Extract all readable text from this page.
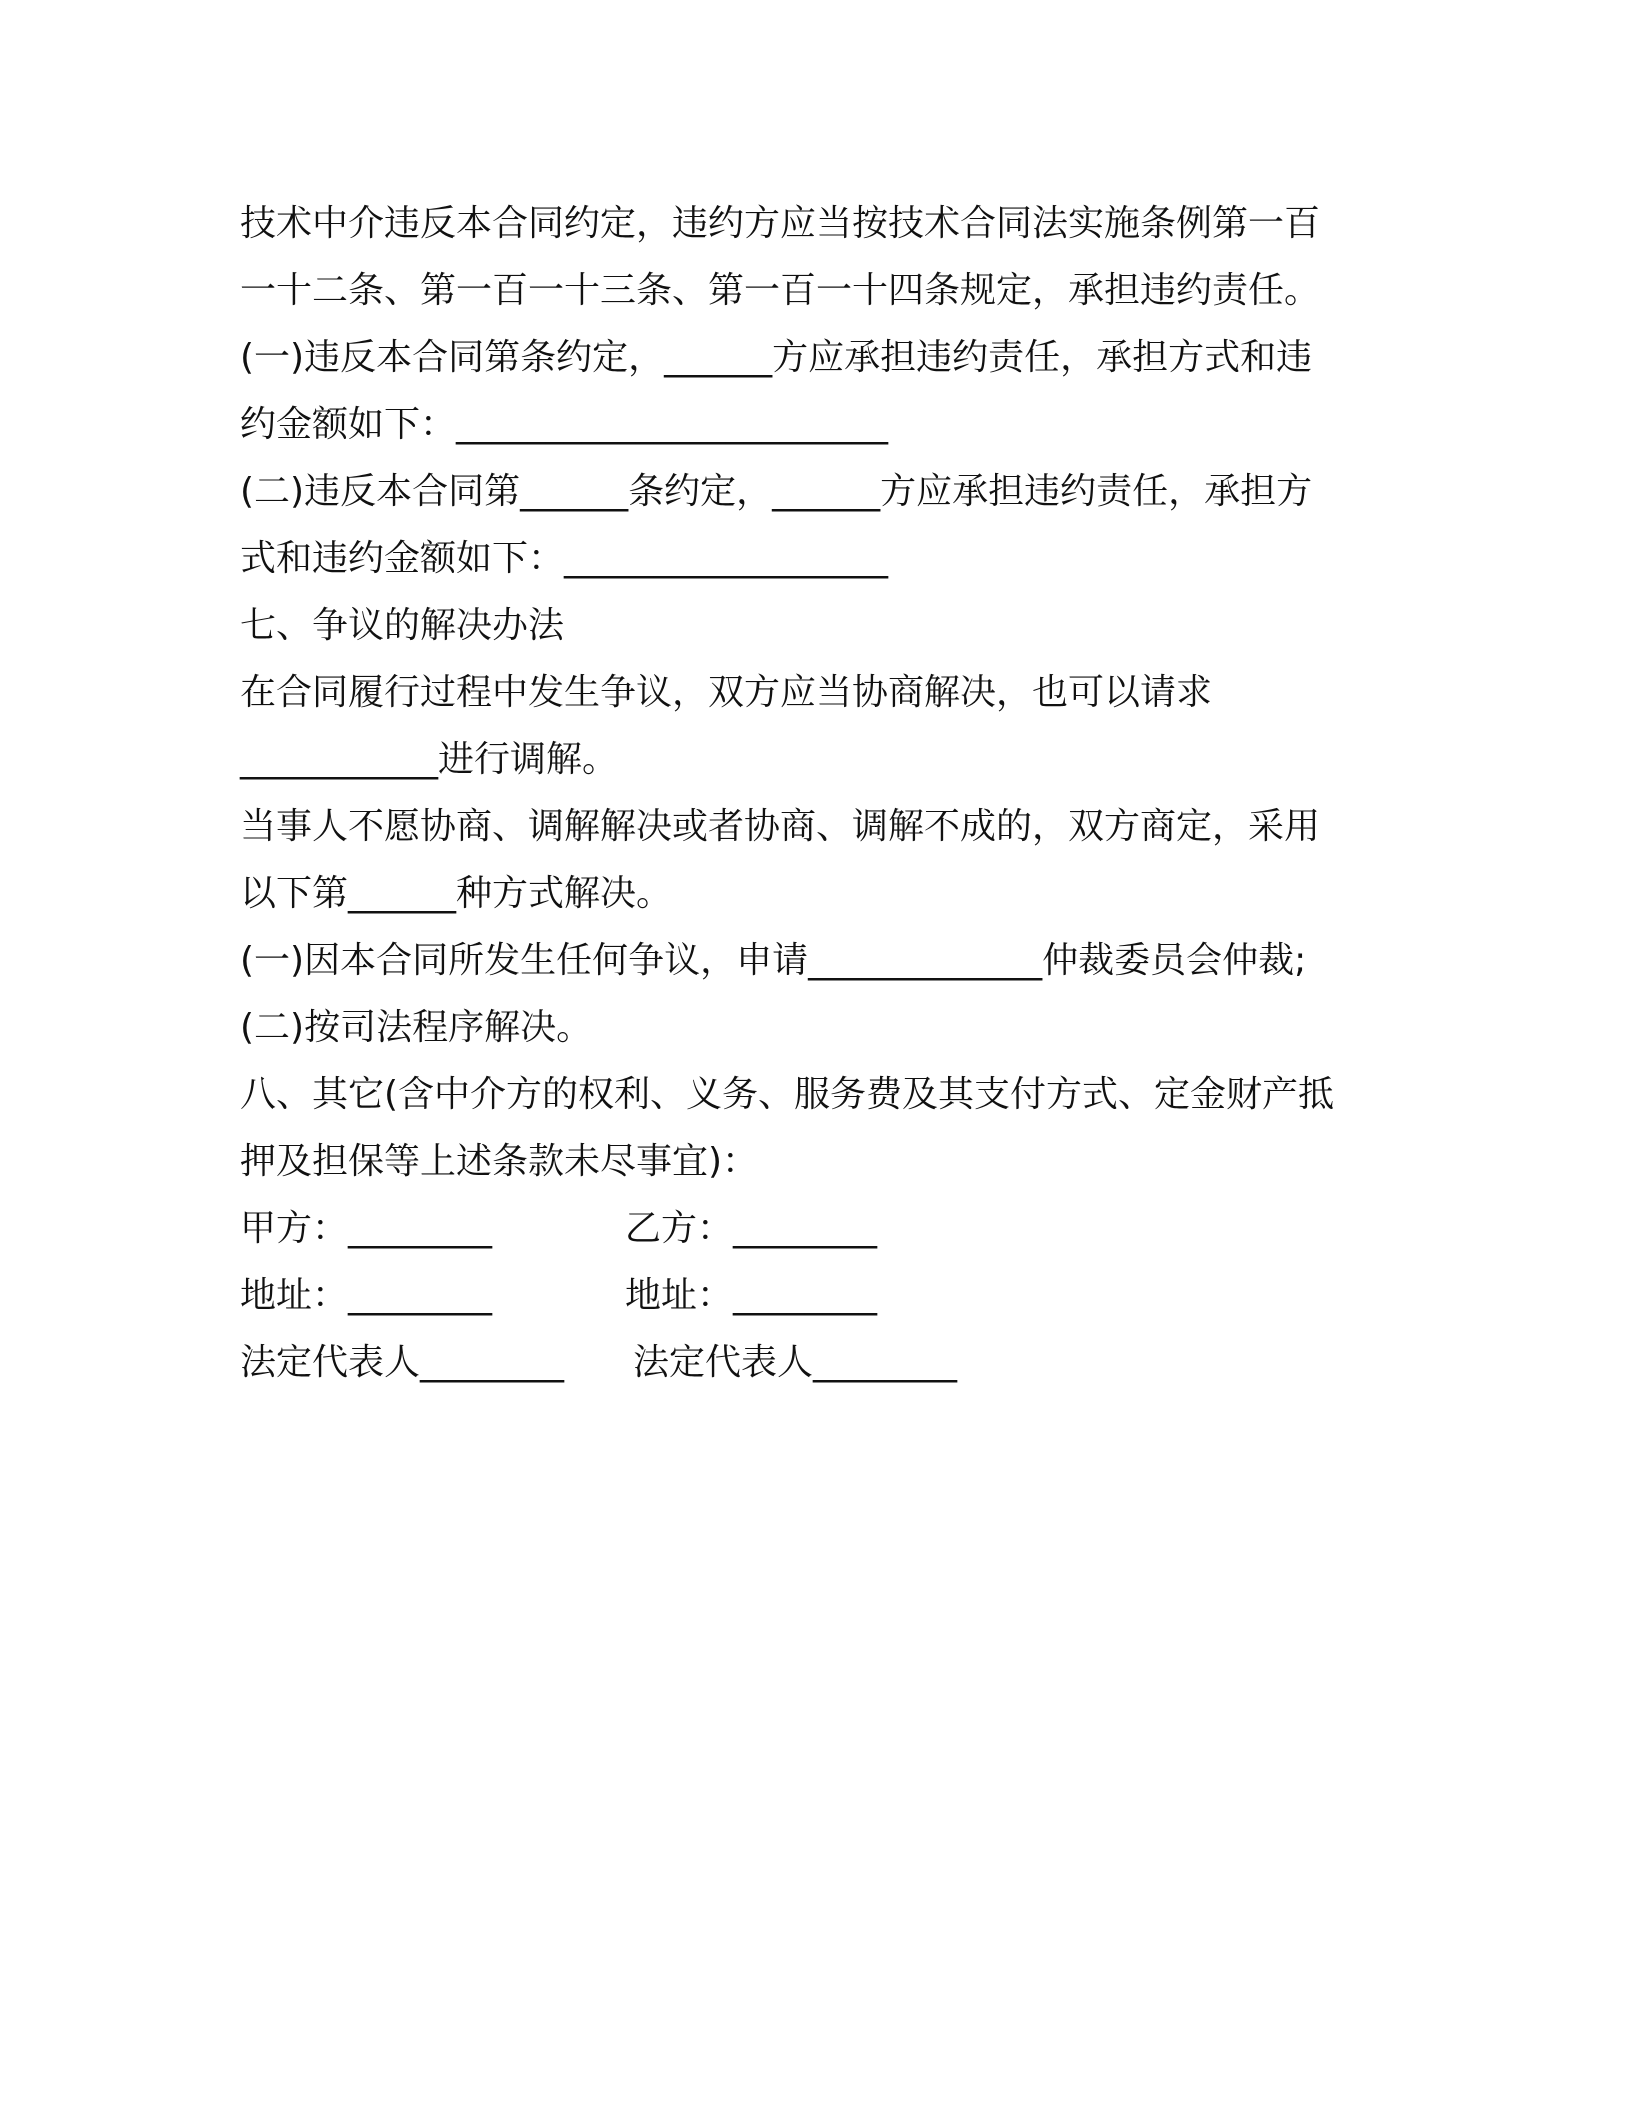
技术中介违反本合同约定，违约方应当按技术合同法实施条例第一百
一十二条、第一百一十三条、第一百一十四条规定，承担违约责任。
(一)违反本合同第条约定，______方应承担违约责任，承担方式和违
约金额如下：________________________
(二)违反本合同第______条约定，______方应承担违约责任，承担方
式和违约金额如下：__________________
七、争议的解决办法
在合同履行过程中发生争议，双方应当协商解决，也可以请求
___________进行调解。
当事人不愿协商、调解解决或者协商、调解不成的，双方商定，采用
以下第______种方式解决。
(一)因本合同所发生任何争议，申请_____________仲裁委员会仲裁;
(二)按司法程序解决。
八、其它(含中介方的权利、义务、服务费及其支付方式、定金财产抵
押及担保等上述条款未尽事宜)：
甲方：________	乙方：________
地址：________	地址：________
法定代表人________ 法定代表人________
